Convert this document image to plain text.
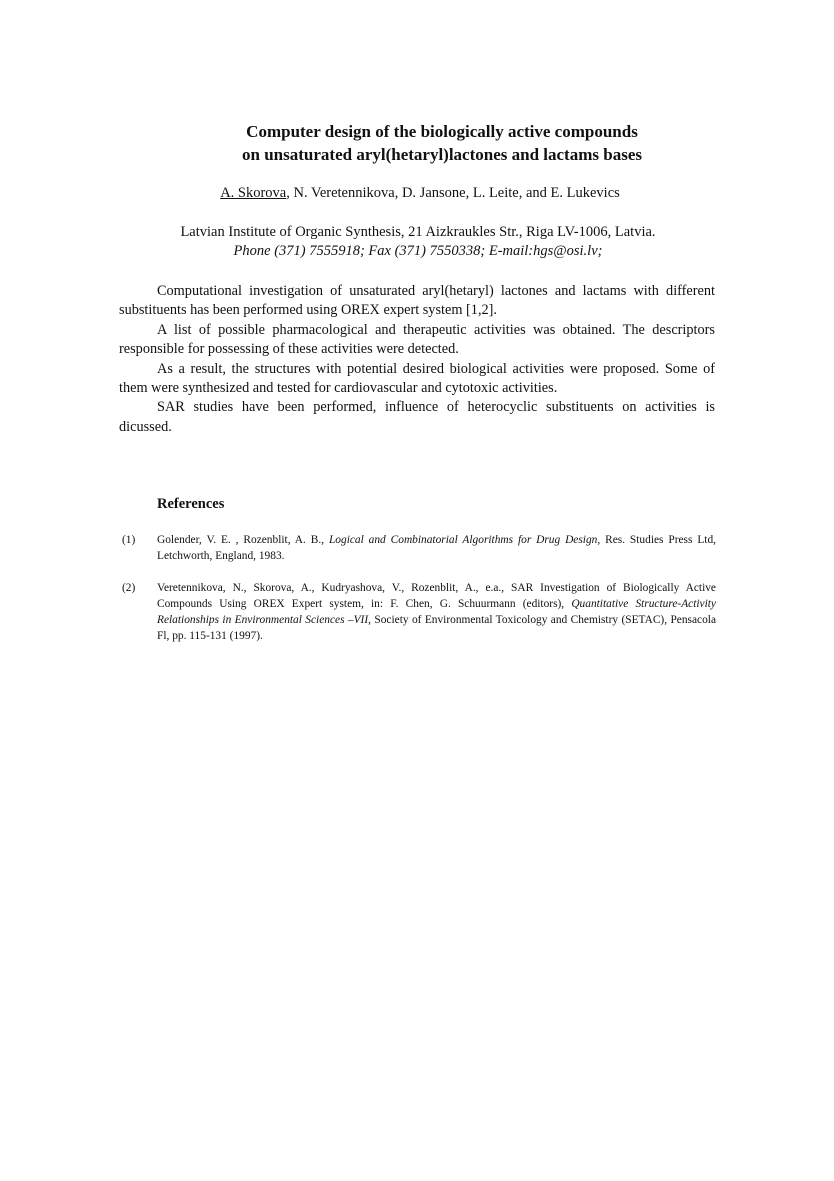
Computer design of the biologically active compounds
on unsaturated aryl(hetaryl)lactones and lactams bases
A. Skorova, N. Veretennikova, D. Jansone, L. Leite, and E. Lukevics
Latvian Institute of Organic Synthesis, 21 Aizkraukles Str., Riga LV-1006, Latvia.
Phone (371) 7555918; Fax (371) 7550338; E-mail:hgs@osi.lv;

Computational investigation of unsaturated aryl(hetaryl) lactones and lactams with different substituents has been performed using OREX expert system [1,2].

A list of possible pharmacological and therapeutic activities was obtained. The descriptors responsible for possessing of these activities were detected.

As a result, the structures with potential desired biological activities were proposed. Some of them were synthesized and tested for cardiovascular and cytotoxic activities.

SAR studies have been performed, influence of heterocyclic substituents on activities is dicussed.

References
(1) Golender, V. E. , Rozenblit, A. B., Logical and Combinatorial Algorithms for Drug Design, Res. Studies Press Ltd, Letchworth, England, 1983.
(2) Veretennikova, N., Skorova, A., Kudryashova, V., Rozenblit, A., e.a., SAR Investigation of Biologically Active Compounds Using OREX Expert system, in: F. Chen, G. Schuurmann (editors), Quantitative Structure-Activity Relationships in Environmental Sciences –VII, Society of Environmental Toxicology and Chemistry (SETAC), Pensacola Fl, pp. 115-131 (1997).
